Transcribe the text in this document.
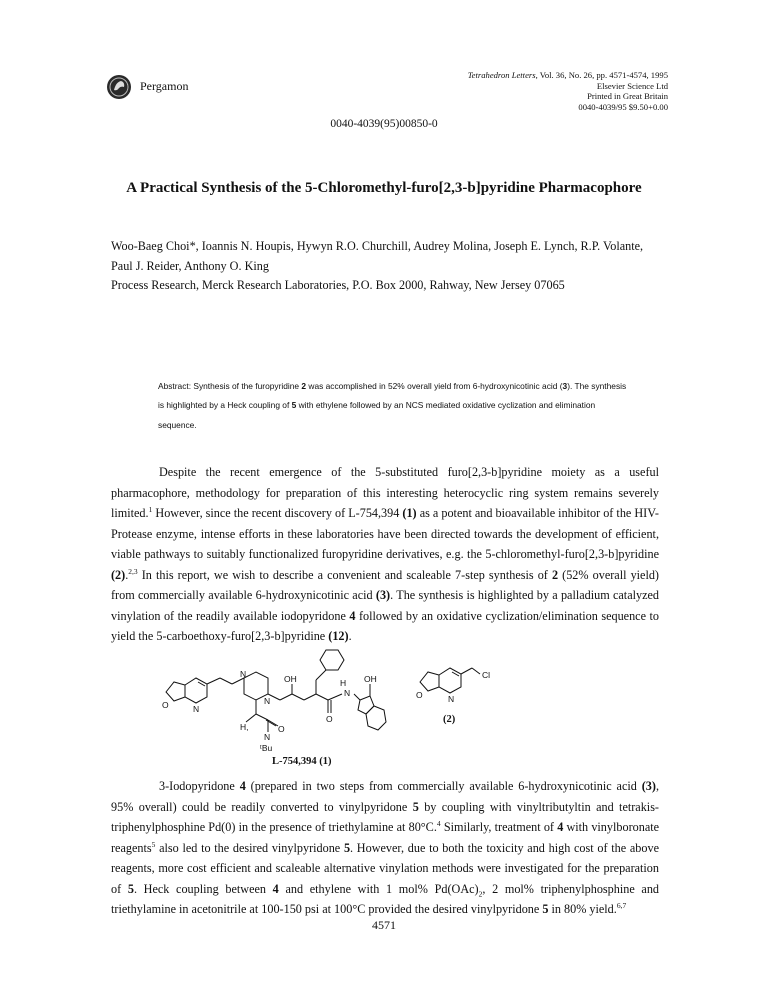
Pergamon
Tetrahedron Letters, Vol. 36, No. 26, pp. 4571-4574, 1995
Elsevier Science Ltd
Printed in Great Britain
0040-4039/95 $9.50+0.00
0040-4039(95)00850-0
A Practical Synthesis of the 5-Chloromethyl-furo[2,3-b]pyridine Pharmacophore
Woo-Baeg Choi*, Ioannis N. Houpis, Hywyn R.O. Churchill, Audrey Molina, Joseph E. Lynch, R.P. Volante, Paul J. Reider, Anthony O. King
Process Research, Merck Research Laboratories, P.O. Box 2000, Rahway, New Jersey 07065
Abstract: Synthesis of the furopyridine 2 was accomplished in 52% overall yield from 6-hydroxynicotinic acid (3). The synthesis is highlighted by a Heck coupling of 5 with ethylene followed by an NCS mediated oxidative cyclization and elimination sequence.
Despite the recent emergence of the 5-substituted furo[2,3-b]pyridine moiety as a useful pharmacophore, methodology for preparation of this interesting heterocyclic ring system remains severely limited.$^1$ However, since the recent discovery of L-754,394 (1) as a potent and bioavailable inhibitor of the HIV-Protease enzyme, intense efforts in these laboratories have been directed towards the development of efficient, viable pathways to suitably functionalized furopyridine derivatives, e.g. the 5-chloromethyl-furo[2,3-b]pyridine (2).$^{2,3}$ In this report, we wish to describe a convenient and scaleable 7-step synthesis of 2 (52% overall yield) from commercially available 6-hydroxynicotinic acid (3). The synthesis is highlighted by a palladium catalyzed vinylation of the readily available iodopyridone 4 followed by an oxidative cyclization/elimination sequence to yield the 5-carboethoxy-furo[2,3-b]pyridine (12).
O	N
N
N
OH	H
N
O
OH
H,
N
O
ᵗBu
L-754,394 (1)
O	N
Cl
(2)
3-Iodopyridone 4 (prepared in two steps from commercially available 6-hydroxynicotinic acid (3), 95% overall) could be readily converted to vinylpyridone 5 by coupling with vinyltributyltin and tetrakis-triphenylphosphine Pd(0) in the presence of triethylamine at 80°C.$^4$ Similarly, treatment of 4 with vinylboronate reagents$^5$ also led to the desired vinylpyridone 5. However, due to both the toxicity and high cost of the above reagents, more cost efficient and scaleable alternative vinylation methods were investigated for the preparation of 5. Heck coupling between 4 and ethylene with 1 mol% $Pd(OAc)_2$, 2 mol% triphenylphosphine and triethylamine in acetonitrile at 100-150 psi at 100°C provided the desired vinylpyridone 5 in 80% yield.$^{6,7}$
4571
